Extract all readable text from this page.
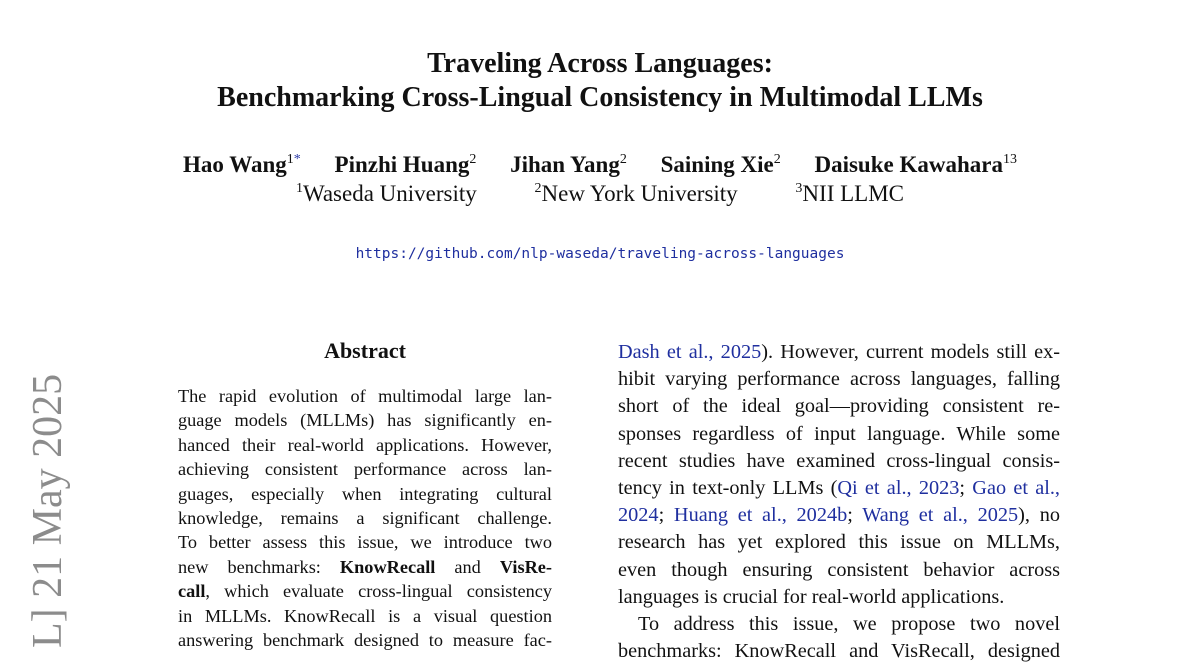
L] 21 May 2025
Traveling Across Languages:
Benchmarking Cross-Lingual Consistency in Multimodal LLMs
Hao Wang$^{1*}$ Pinzhi Huang$^2$ Jihan Yang$^2$ Saining Xie$^2$ Daisuke Kawahara$^{13}$
$^1$Waseda University	$^2$New York University	$^3$NII LLMC
https://github.com/nlp-waseda/traveling-across-languages
Abstract
The rapid evolution of multimodal large lan-
guage models (MLLMs) has significantly en-
hanced their real-world applications. However,
achieving consistent performance across lan-
guages, especially when integrating cultural
knowledge, remains a significant challenge.
To better assess this issue, we introduce two
new benchmarks: KnowRecall and VisRe-
call, which evaluate cross-lingual consistency
in MLLMs. KnowRecall is a visual question
answering benchmark designed to measure fac-
Dash et al., 2025). However, current models still ex-
hibit varying performance across languages, falling
short of the ideal goal—providing consistent re-
sponses regardless of input language. While some
recent studies have examined cross-lingual consis-
tency in text-only LLMs (Qi et al., 2023; Gao et al.,
2024; Huang et al., 2024b; Wang et al., 2025), no
research has yet explored this issue on MLLMs,
even though ensuring consistent behavior across
languages is crucial for real-world applications.
To address this issue, we propose two novel
benchmarks: KnowRecall and VisRecall, designed
